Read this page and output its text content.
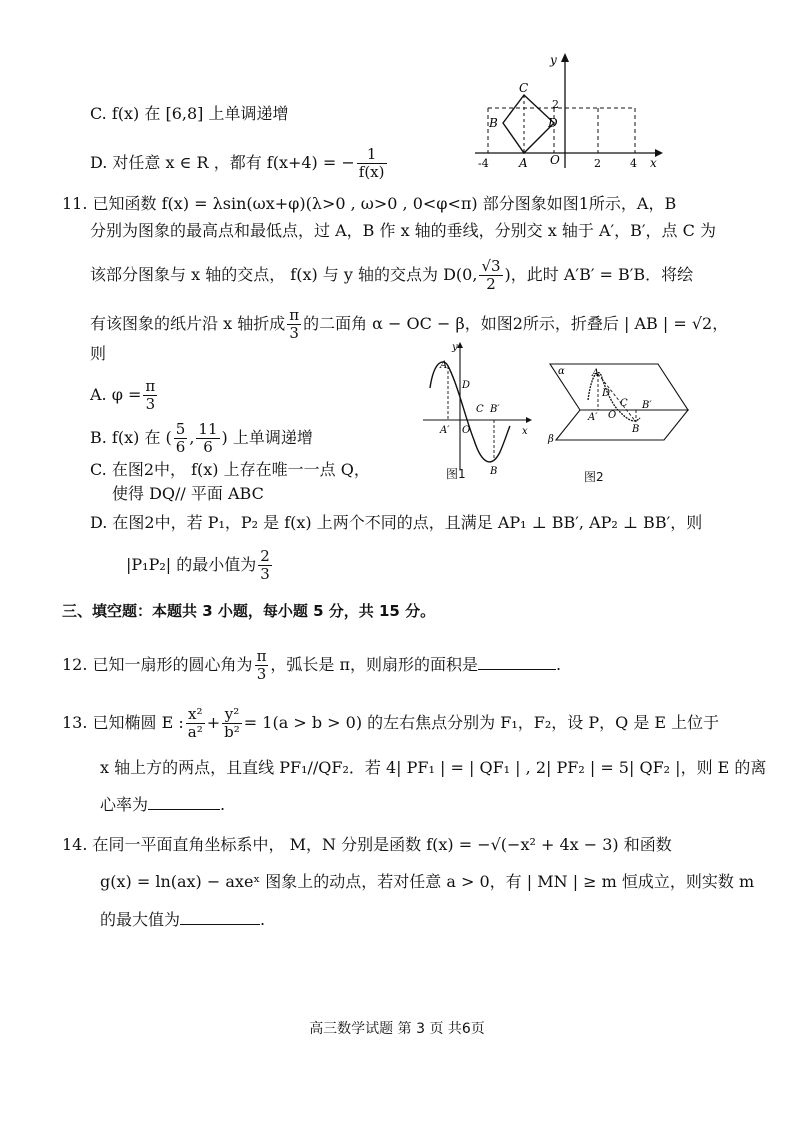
C. f(x) 在 [6,8] 上单调递增
D. 对任意 x ∈ R ，都有 f(x+4) = − $\frac{1}{f(x)}$
y
x
C
B	D
A O
2
-4	2	4
11. 已知函数 f(x) = λsin(ωx+φ)(λ>0 , ω>0 , 0<φ<π) 部分图象如图1所示，A，B
分别为图象的最高点和最低点，过 A，B 作 x 轴的垂线，分别交 x 轴于 A′，B′，点 C 为
该部分图象与 x 轴的交点， f(x) 与 y 轴的交点为 D(0, $\frac{√3}{2}$ )，此时 A′B′ = B′B．将绘
有该图象的纸片沿 x 轴折成 $\frac{\pi}{3}$ 的二面角 α − OC − β，如图2所示，折叠后 | AB | = √2，
则
A. $\varphi = \frac{\pi}{3}$
B. f(x) 在 ( $\frac{5}{6}$ , $\frac{11}{6}$ ) 上单调递增
C. 在图2中， f(x) 上存在唯一一点 Q，
使得 DQ// 平面 ABC
D. 在图2中，若 P₁，P₂ 是 f(x) 上两个不同的点，且满足 AP₁ ⊥ BB′, AP₂ ⊥ BB′，则
|P₁P₂| 的最小值为 $\frac{2}{3}$
y
x
A
D
C B′
A′ O
B
图1
α
β
A
D
C B′
A′ O
B
图2
三、填空题：本题共 3 小题，每小题 5 分，共 15 分。
12. 已知一扇形的圆心角为 $\frac{\pi}{3}$ ，弧长是 π，则扇形的面积是	.
13. 已知椭圆 E : $\frac{\text{x²}}{\text{a²}} + \frac{\text{y²}}{\text{b²}} = 1(a > b > 0)$ 的左右焦点分别为 F₁，F₂，设 P，Q 是 E 上位于
x 轴上方的两点，且直线 PF₁//QF₂．若 4| PF₁ | = | QF₁ | , 2| PF₂ | = 5| QF₂ |，则 E 的离
心率为	.
14. 在同一平面直角坐标系中， M，N 分别是函数 f(x) = −√(−x² + 4x − 3) 和函数
g(x) = ln(ax) − axeˣ 图象上的动点，若对任意 a > 0，有 | MN | ≥ m 恒成立，则实数 m
的最大值为	.
高三数学试题 第 3 页 共6页
